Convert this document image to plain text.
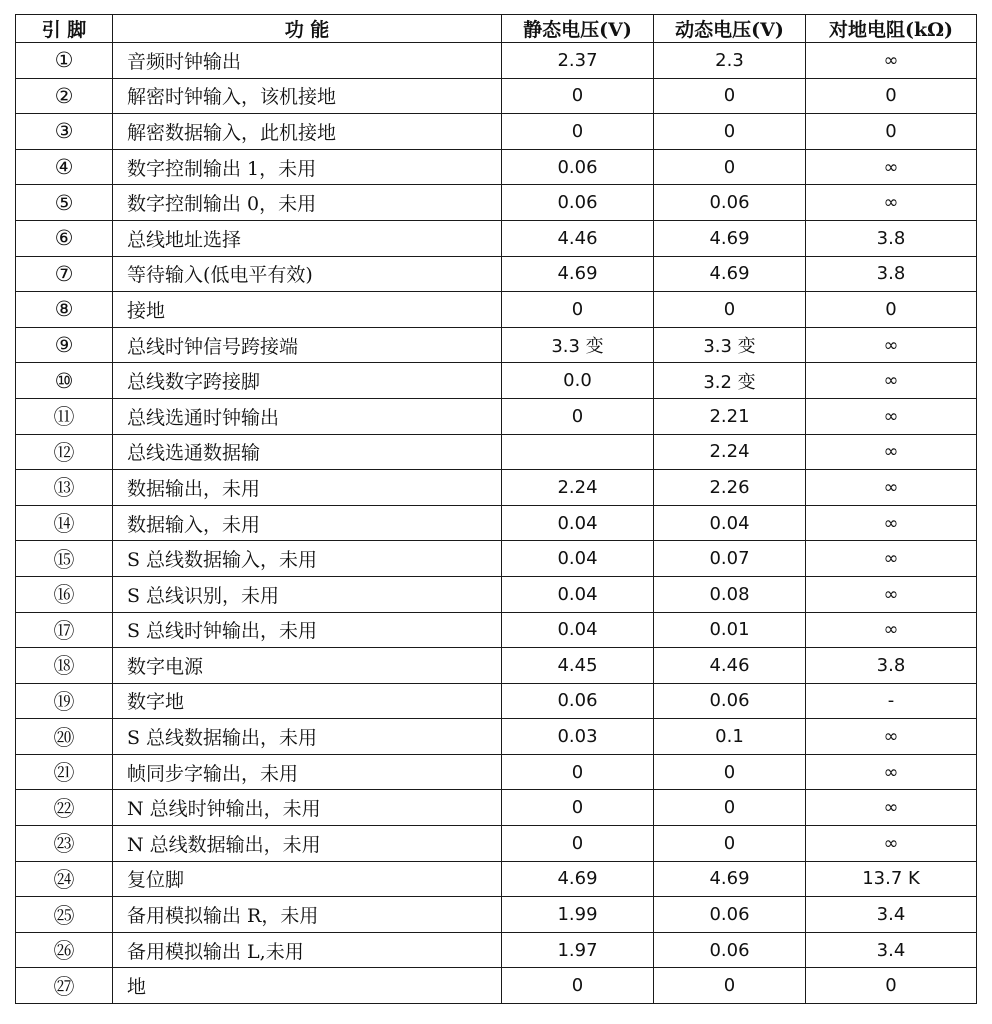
引 脚	功 能	静态电压(V)	动态电压(V)	对地电阻(kΩ)
①	音频时钟输出	2.37	2.3	∞
②	解密时钟输入，该机接地	0	0	0
③	解密数据输入，此机接地	0	0	0
④	数字控制输出 1，未用	0.06	0	∞
⑤	数字控制输出 0，未用	0.06	0.06	∞
⑥	总线地址选择	4.46	4.69	3.8
⑦	等待输入(低电平有效)	4.69	4.69	3.8
⑧	接地	0	0	0
⑨	总线时钟信号跨接端	3.3 变	3.3 变	∞
⑩	总线数字跨接脚	0.0	3.2 变	∞
⑪	总线选通时钟输出	0	2.21	∞
⑫	总线选通数据输		2.24	∞
⑬	数据输出，未用	2.24	2.26	∞
⑭	数据输入，未用	0.04	0.04	∞
⑮	S 总线数据输入，未用	0.04	0.07	∞
⑯	S 总线识别，未用	0.04	0.08	∞
⑰	S 总线时钟输出，未用	0.04	0.01	∞
⑱	数字电源	4.45	4.46	3.8
⑲	数字地	0.06	0.06	-
⑳	S 总线数据输出，未用	0.03	0.1	∞
㉑	帧同步字输出，未用	0	0	∞
㉒	N 总线时钟输出，未用	0	0	∞
㉓	N 总线数据输出，未用	0	0	∞
㉔	复位脚	4.69	4.69	13.7 K
㉕	备用模拟输出 R，未用	1.99	0.06	3.4
㉖	备用模拟输出 L,未用	1.97	0.06	3.4
㉗	地	0	0	0
